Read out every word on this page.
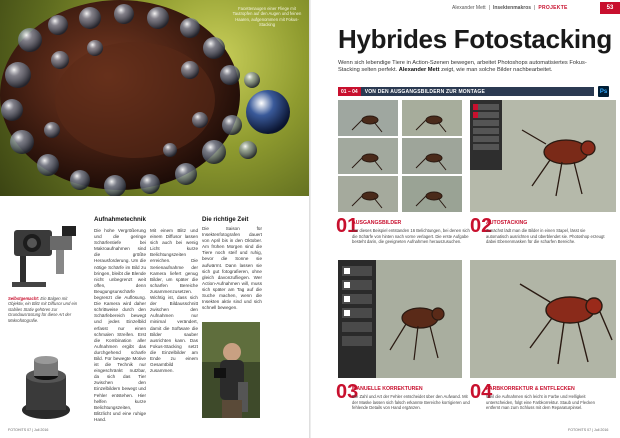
Facettenaugen einer Fliege mit Tautropfen auf den Augen und feinen Haaren, aufgenommen mit Fokus-Stacking
Selbstgemacht: Ein Balgen mit Objektiv, ein Blitz mit Diffusor und ein stabiles Stativ gehören zur Grundausrüstung für diese Art der Makrofotografie.
Aufnahmetechnik

Die hohe Vergrößerung und die geringe Schärfentiefe bei Makroaufnahmen sind die größte Herausforderung. Um die nötige Schärfe im Bild zu bringen, bleibt die Blende nicht unbegrenzt weit offen, denn Beugungsunschärfe begrenzt die Auflösung. Die Kamera wird daher schrittweise durch den Schärfebereich bewegt und jedes Einzelbild erfasst nur einen schmalen Streifen. Erst die Kombination aller Aufnahmen ergibt das durchgehend scharfe Bild. Für bewegte Motive ist die Technik nur eingeschränkt nutzbar, da sich das Tier zwischen den Einzelbildern bewegt und Fehler entstehen. Hier helfen kurze Belichtungszeiten, Blitzlicht und eine ruhige Hand.

Mit einem Blitz und einem Diffusor lassen sich auch bei wenig Licht kurze Belichtungszeiten erreichen. Die Serienaufnahme der Kamera liefert genug Bilder, um später die scharfen Bereiche zusammenzusetzen. Wichtig ist, dass sich der Bildausschnitt zwischen den Aufnahmen nur minimal verändert, damit die Software die Bilder sauber ausrichten kann. Das Fokus-Stacking setzt die Einzelbilder am Ende zu einem Gesamtbild zusammen.

Die richtige Zeit

Die Saison für Insektenfotografen dauert von April bis in den Oktober. Am frühen Morgen sind die Tiere noch steif und ruhig, bevor die Sonne sie aufwärmt. Dann lassen sie sich gut fotografieren, ohne gleich davonzufliegen. Wer Action-Aufnahmen will, muss sich später am Tag auf die Suche machen, wenn die Insekten aktiv sind und sich schnell bewegen.

FOTOHITS 07 | Juli 2016
Alexander Mett | Insektenmakros | PROJEKTE	53
Hybrides Fotostacking
Wenn sich lebendige Tiere in Action-Szenen bewegen, arbeitet Photoshops automatisiertes Fokus-Stacking selten perfekt. Alexander Mett zeigt, wie man solche Bilder nachbearbeitet.
01 – 04	VON DEN AUSGANGSBILDERN ZUR MONTAGE	Ps
01
AUSGANGSBILDER
Für dieses Beispiel entstanden 16 Belichtungen, bei denen sich die Schärfe von hinten nach vorne verlagert. Die erste Aufgabe besteht darin, die geeigneten Aufnahmen herauszusuchen.
02
AUTOSTACKING
Zunächst lädt man die Bilder in einen Stapel, lässt sie automatisch ausrichten und überblendet sie. Photoshop erzeugt dabei Ebenenmasken für die scharfen Bereiche.
03
MANUELLE KORREKTUREN
Die Zahl und Art der Fehler entscheidet über den Aufwand. Mit der Maske lassen sich falsch erkannte Bereiche korrigieren und fehlende Details von Hand ergänzen.
04
FARBKORREKTUR & ENTFLECKEN
Weil die Aufnahmen sich leicht in Farbe und Helligkeit unterscheiden, folgt eine Farbkorrektur. Staub und Flecken entfernt man zum Schluss mit dem Reparaturpinsel.
FOTOHITS 07 | Juli 2016
